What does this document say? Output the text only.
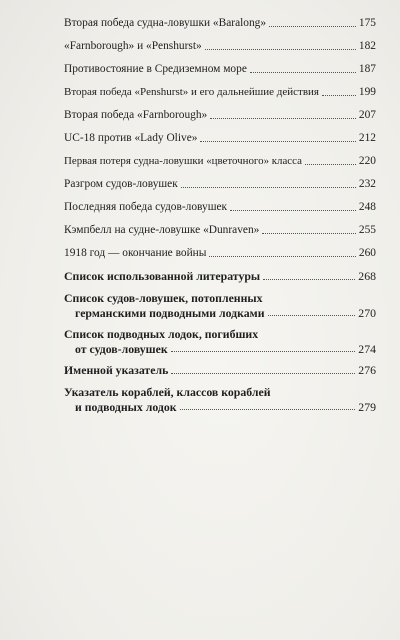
Вторая победа судна-ловушки «Baralong»	175
«Farnborough» и «Penshurst»	182
Противостояние в Средиземном море	187
Вторая победа «Penshurst» и его дальнейшие действия	199
Вторая победа «Farnborough»	207
UC-18 против «Lady Olive»	212
Первая потеря судна-ловушки «цветочного» класса	220
Разгром судов-ловушек	232
Последняя победа судов-ловушек	248
Кэмпбелл на судне-ловушке «Dunraven»	255
1918 год — окончание войны	260
Список использованной литературы	268
Список судов-ловушек, потопленных
германскими подводными лодками	270
Список подводных лодок, погибших
от судов-ловушек	274
Именной указатель	276
Указатель кораблей, классов кораблей
и подводных лодок	279
